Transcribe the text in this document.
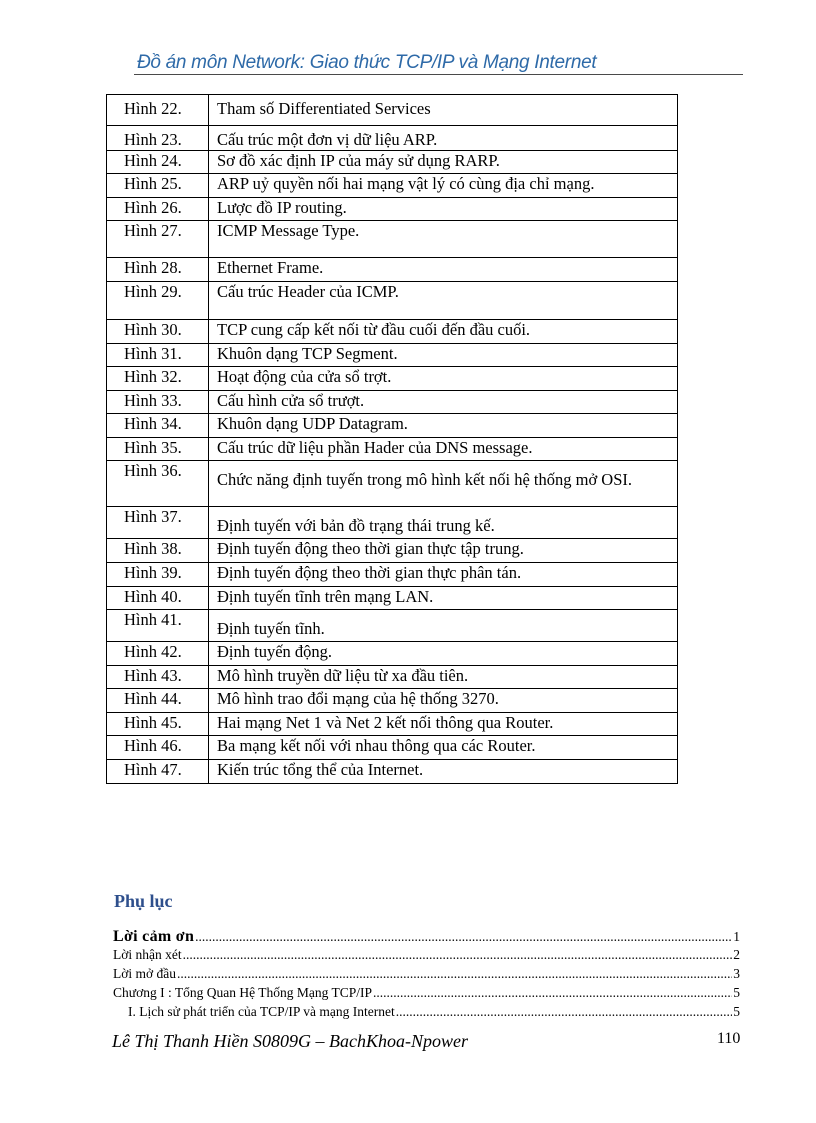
Đồ án môn Network: Giao thức TCP/IP và Mạng Internet
Hình 22.	Tham số Differentiated Services

Hình 23.	Cấu trúc một đơn vị dữ liệu ARP.

Hình 24.	Sơ đồ xác định IP của máy sử dụng RARP.

Hình 25.	ARP uỷ quyền nối hai mạng vật lý có cùng địa chỉ mạng.

Hình 26.	Lược đồ IP routing.

Hình 27.	ICMP Message Type.

Hình 28.	Ethernet Frame.

Hình 29.	Cấu trúc Header của ICMP.

Hình 30.	TCP cung cấp kết nối từ đầu cuối đến đầu cuối.

Hình 31.	Khuôn dạng TCP Segment.

Hình 32.	Hoạt động của cửa sổ trợt.

Hình 33.	Cấu hình cửa sổ trượt.

Hình 34.	Khuôn dạng UDP Datagram.

Hình 35.	Cấu trúc dữ liệu phần Hader của DNS message.

Hình 36.	Chức năng định tuyến trong mô hình kết nối hệ thống mở OSI.

Hình 37.	Định tuyến với bản đồ trạng thái trung kế.

Hình 38.	Định tuyến động theo thời gian thực tập trung.

Hình 39.	Định tuyến động theo thời gian thực phân tán.

Hình 40.	Định tuyến tĩnh trên mạng LAN.

Hình 41.	Định tuyến tĩnh.

Hình 42.	Định tuyến động.

Hình 43.	Mô hình truyền dữ liệu từ xa đầu tiên.

Hình 44.	Mô hình trao đổi mạng của hệ thống 3270.

Hình 45.	Hai mạng Net 1 và Net 2 kết nối thông qua Router.

Hình 46.	Ba mạng kết nối với nhau thông qua các Router.

Hình 47.	Kiến trúc tổng thể của Internet.
Phụ lục
Lời cảm ơn .....	1
Lời nhận xét .....	2
Lời mở đầu .....	3
Chương I : Tổng Quan Hệ Thống Mạng TCP/IP .....	5
I. Lịch sử phát triển của TCP/IP và mạng Internet .....	5
Lê Thị Thanh Hiền S0809G – BachKhoa-Npower	110
